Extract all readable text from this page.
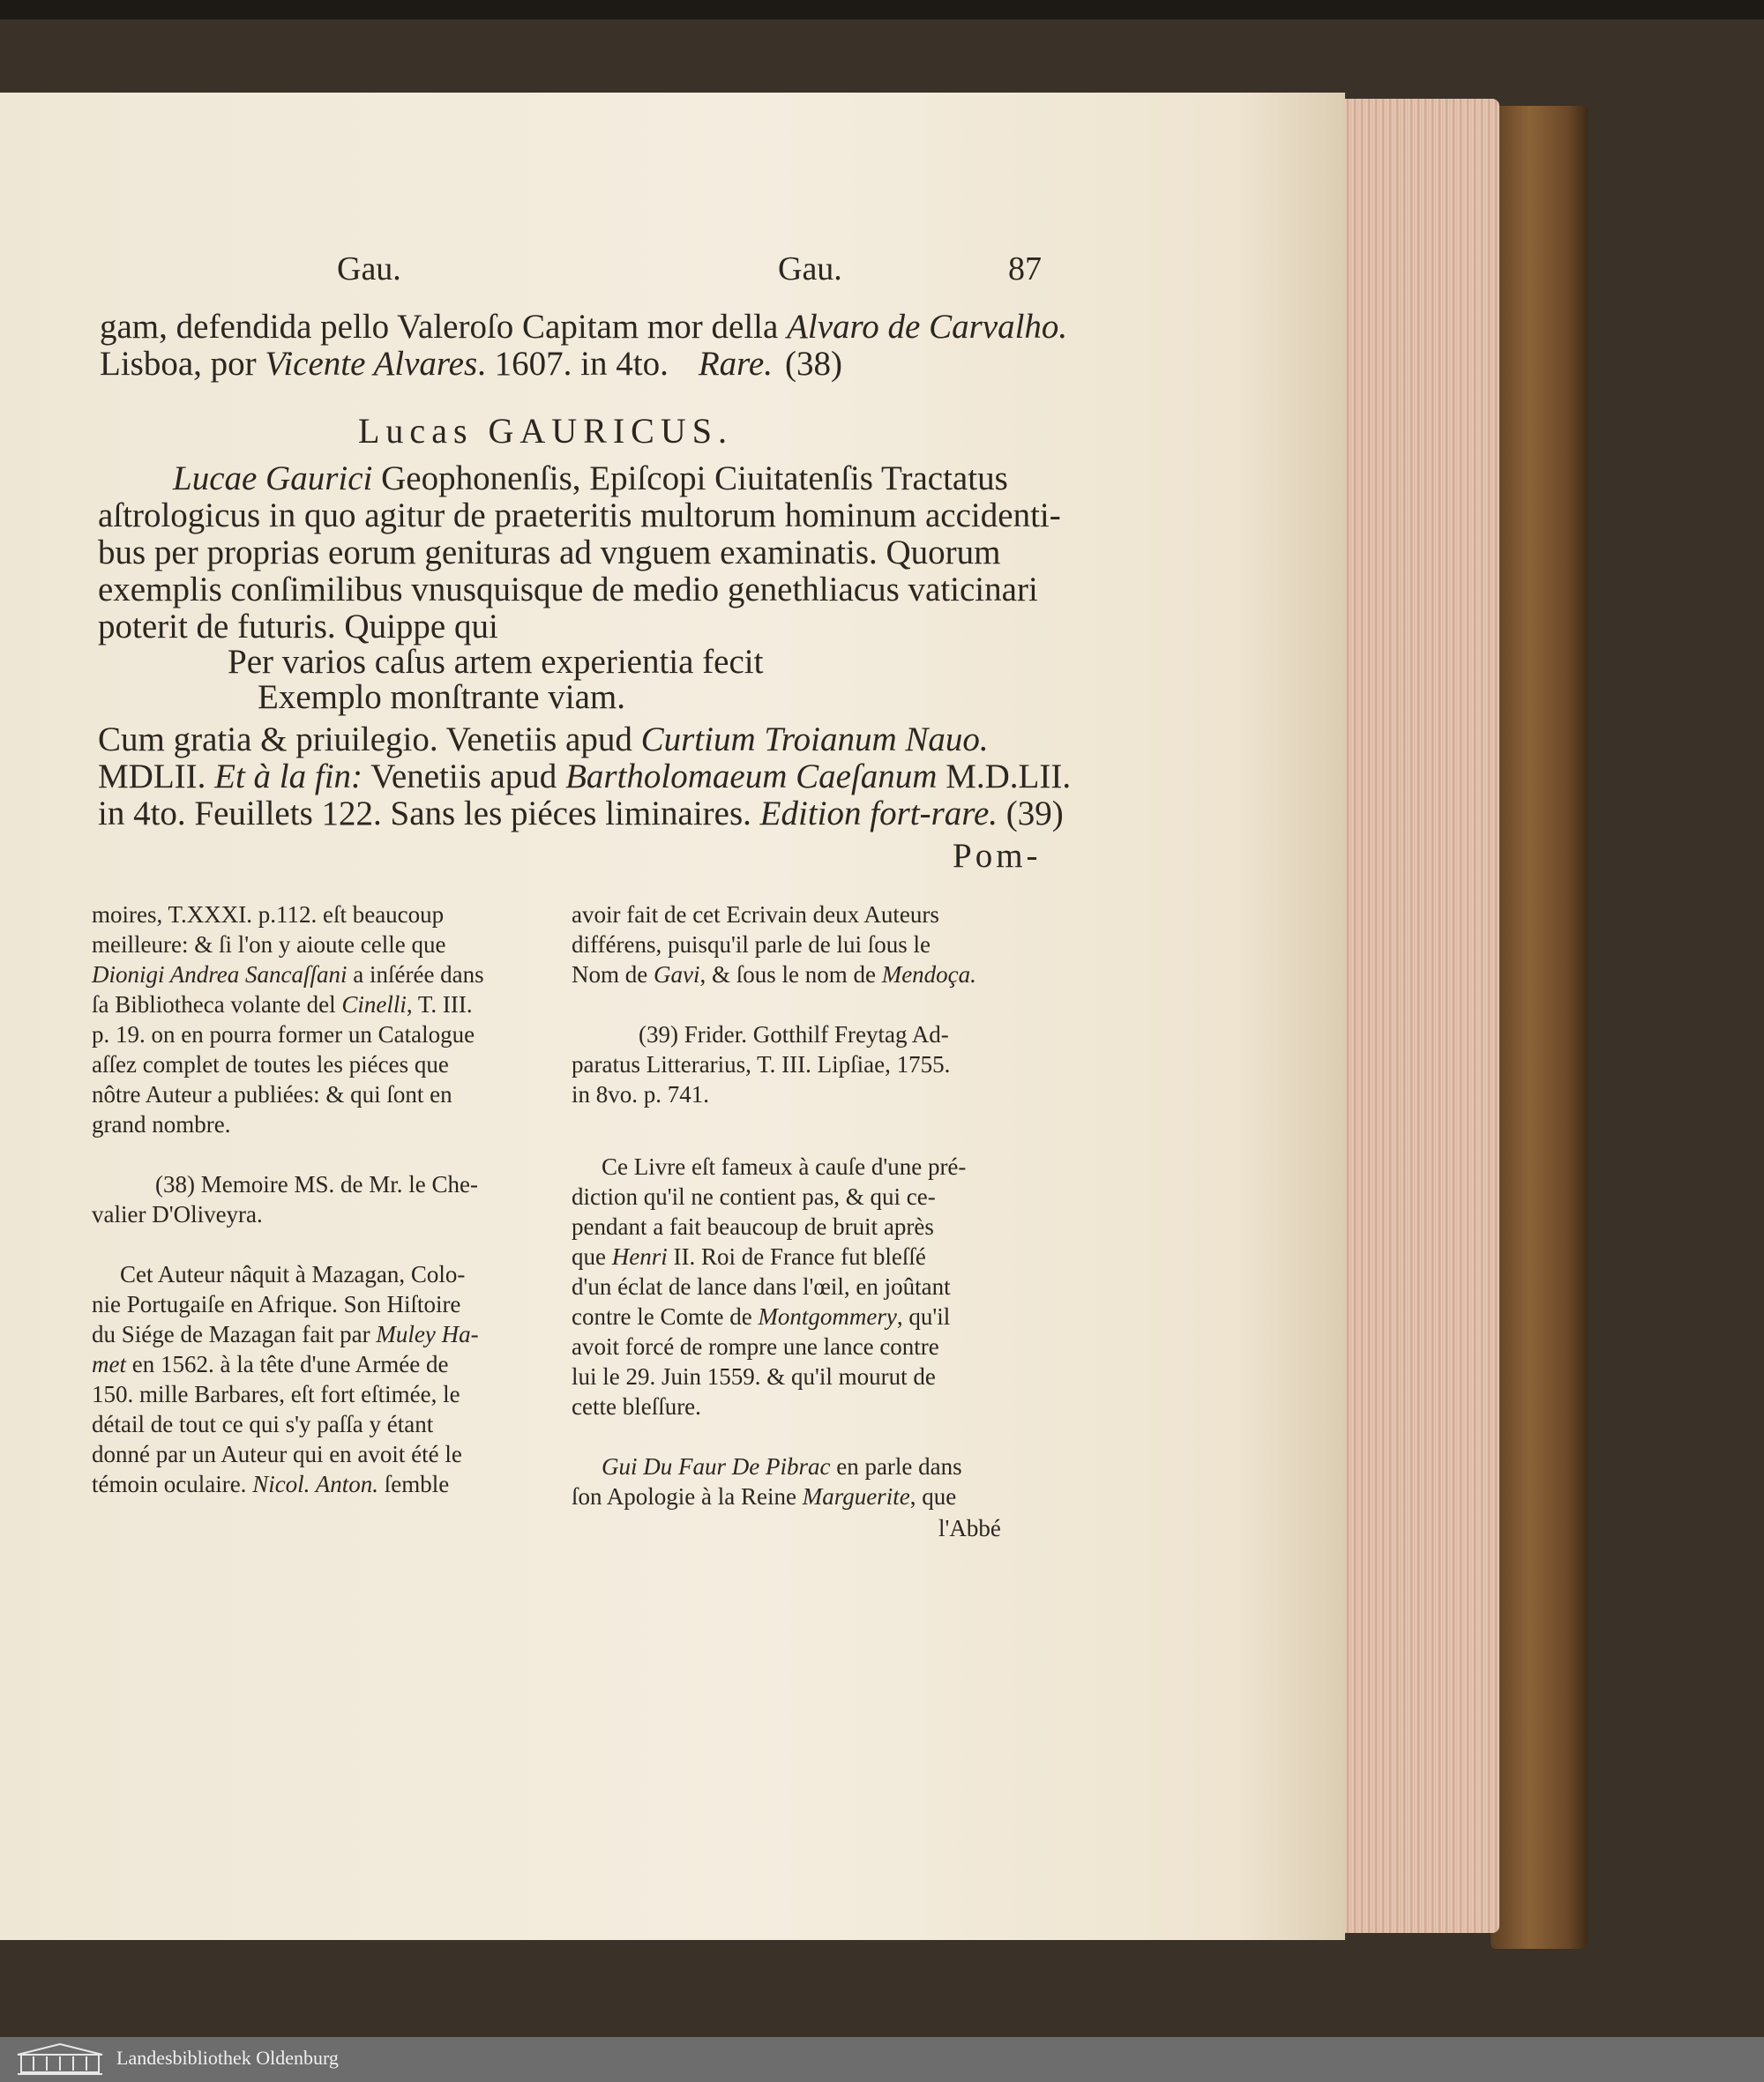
Gau.	Gau.	87
gam, defendida pello Valeroſo Capitam mor della Alvaro de Carvalho.
Lisboa, por Vicente Alvares. 1607. in 4to. Rare. (38)
Lucas GAURICUS.
Lucae Gaurici Geophonenſis, Epiſcopi Ciuitatenſis Tractatus
aſtrologicus in quo agitur de praeteritis multorum hominum accidenti-
bus per proprias eorum genituras ad vnguem examinatis. Quorum
exemplis conſimilibus vnusquisque de medio genethliacus vaticinari
poterit de futuris. Quippe qui
Per varios caſus artem experientia fecit
Exemplo monſtrante viam.
Cum gratia & priuilegio. Venetiis apud Curtium Troianum Nauo.
MDLII. Et à la fin: Venetiis apud Bartholomaeum Caeſanum M.D.LII.
in 4to. Feuillets 122. Sans les piéces liminaires. Edition fort-rare. (39)
Pom-
moires, T.XXXI. p.112. eſt beaucoup
meilleure: & ſi l'on y aioute celle que
Dionigi Andrea Sancaſſani a inſérée dans
ſa Bibliotheca volante del Cinelli, T. III.
p. 19. on en pourra former un Catalogue
aſſez complet de toutes les piéces que
nôtre Auteur a publiées: & qui ſont en
grand nombre.
(38) Memoire MS. de Mr. le Che-
valier D'Oliveyra.
Cet Auteur nâquit à Mazagan, Colo-
nie Portugaiſe en Afrique. Son Hiſtoire
du Siége de Mazagan fait par Muley Ha-
met en 1562. à la tête d'une Armée de
150. mille Barbares, eſt fort eſtimée, le
détail de tout ce qui s'y paſſa y étant
donné par un Auteur qui en avoit été le
témoin oculaire. Nicol. Anton. ſemble
avoir fait de cet Ecrivain deux Auteurs
différens, puisqu'il parle de lui ſous le
Nom de Gavi, & ſous le nom de Mendoça.
(39) Frider. Gotthilf Freytag Ad-
paratus Litterarius, T. III. Lipſiae, 1755.
in 8vo. p. 741.
Ce Livre eſt fameux à cauſe d'une pré-
diction qu'il ne contient pas, & qui ce-
pendant a fait beaucoup de bruit après
que Henri II. Roi de France fut bleſſé
d'un éclat de lance dans l'œil, en joûtant
contre le Comte de Montgommery, qu'il
avoit forcé de rompre une lance contre
lui le 29. Juin 1559. & qu'il mourut de
cette bleſſure.
Gui Du Faur De Pibrac en parle dans
ſon Apologie à la Reine Marguerite, que
l'Abbé
Landesbibliothek Oldenburg
